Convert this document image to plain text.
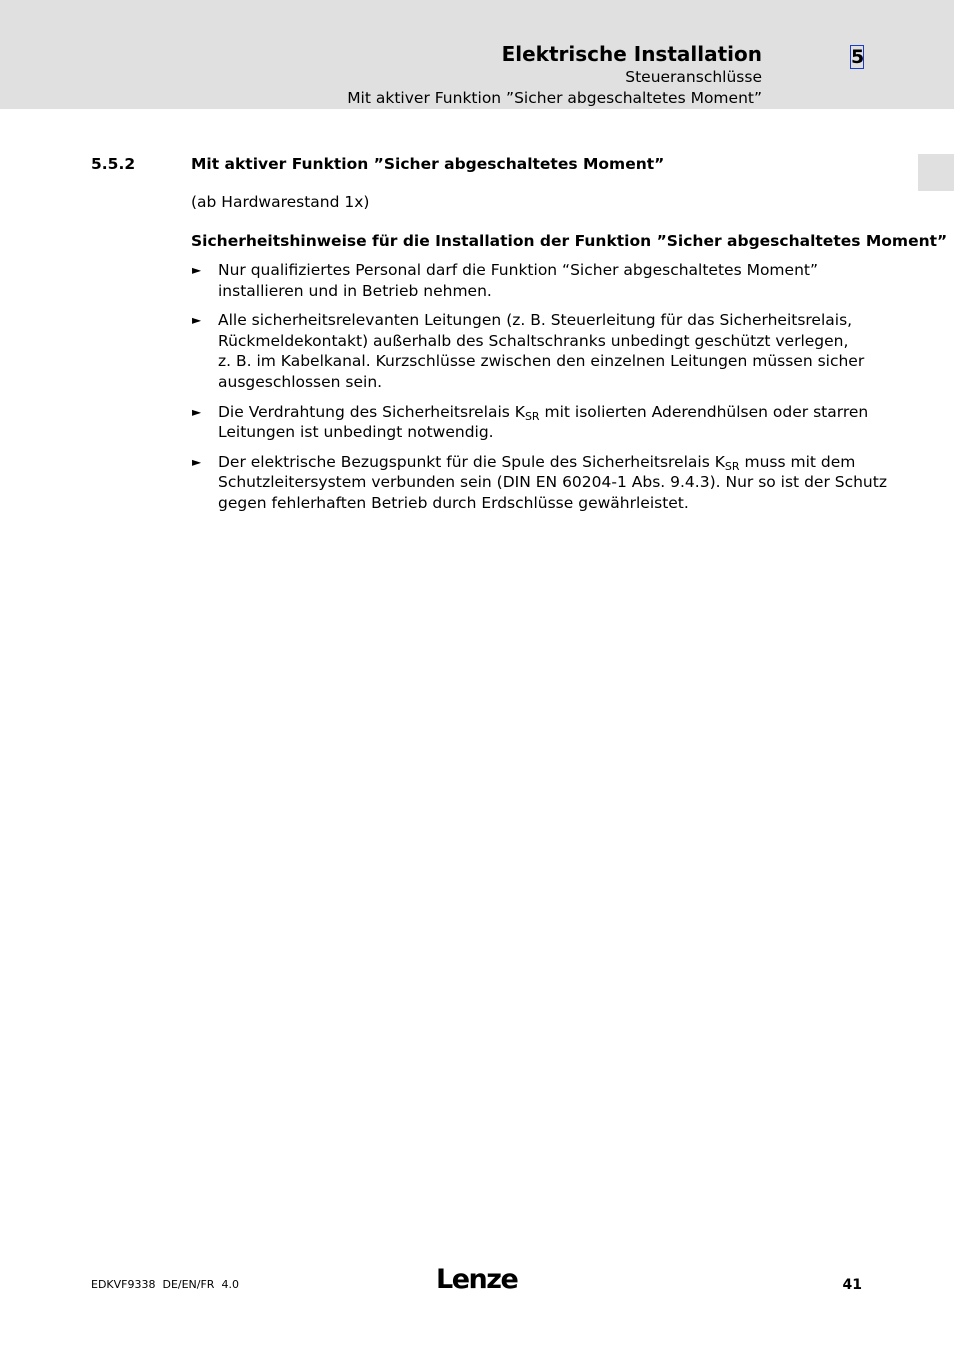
Elektrische Installation	5
Steueranschlüsse
Mit aktiver Funktion ”Sicher abgeschaltetes Moment”
5.5.2	Mit aktiver Funktion ”Sicher abgeschaltetes Moment”
(ab Hardwarestand 1x)
Sicherheitshinweise für die Installation der Funktion ”Sicher abgeschaltetes Moment”
► Nur qualifiziertes Personal darf die Funktion “Sicher abgeschaltetes Moment”
installieren und in Betrieb nehmen.
► Alle sicherheitsrelevanten Leitungen (z. B. Steuerleitung für das Sicherheitsrelais,
Rückmeldekontakt) außerhalb des Schaltschranks unbedingt geschützt verlegen,
z. B. im Kabelkanal. Kurzschlüsse zwischen den einzelnen Leitungen müssen sicher
ausgeschlossen sein.
► Die Verdrahtung des Sicherheitsrelais $K_{SR}$ mit isolierten Aderendhülsen oder starren
Leitungen ist unbedingt notwendig.
► Der elektrische Bezugspunkt für die Spule des Sicherheitsrelais $K_{SR}$ muss mit dem
Schutzleitersystem verbunden sein (DIN EN 60204-1 Abs. 9.4.3). Nur so ist der Schutz
gegen fehlerhaften Betrieb durch Erdschlüsse gewährleistet.
EDKVF9338  DE/EN/FR  4.0	Lenze	41
